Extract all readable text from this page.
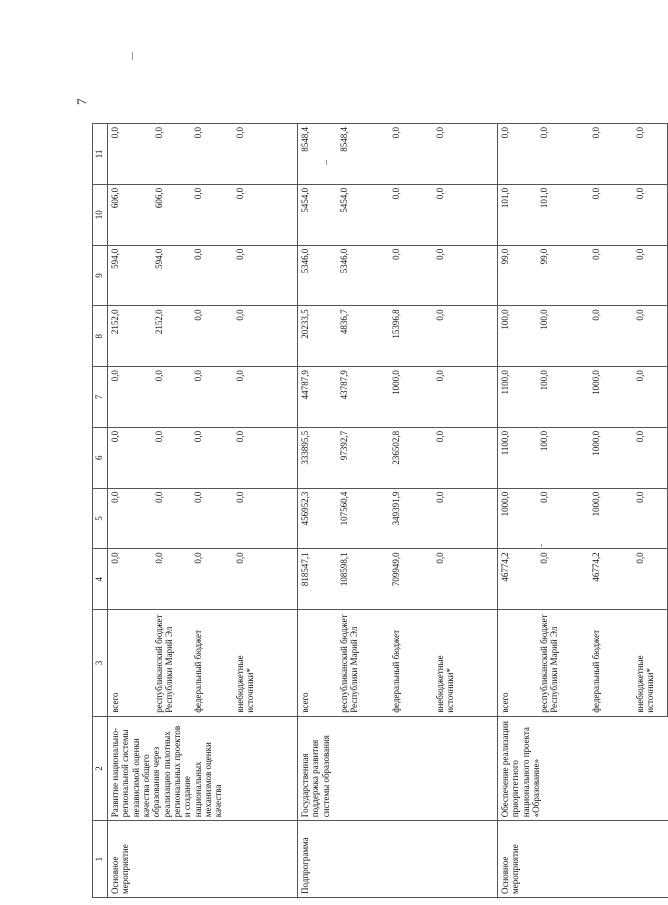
7
1	2	3	4	5	6	7	8	9	10	11
Основное мероприятие	Развитие национально-региональной системы независимой оценки качества общего образования через реализацию пилотных региональных проектов и создание национальных механизмов оценки качества	всего	0,0	0,0	0,0	0,0	2152,0	594,0	606,0	0,0
		республиканский бюджет Республики Марий Эл	0,0	0,0	0,0	0,0	2152,0	594,0	606,0	0,0
		федеральный бюджет	0,0	0,0	0,0	0,0	0,0	0,0	0,0	0,0
		внебюджетные источники*	0,0	0,0	0,0	0,0	0,0	0,0	0,0	0,0
Подпрограмма	Государственная поддержка развития системы образования	всего	818547,1	456952,3	333895,5	44787,9	20233,5	5346,0	5454,0	8548,4
		республиканский бюджет Республики Марий Эл	108598,1	107560,4	97392,7	43787,9	4836,7	5346,0	5454,0	8548,4
		федеральный бюджет	709949,0	349391,9	236502,8	1000,0	15396,8	0,0	0,0	0,0
		внебюджетные источники*	0,0	0,0	0,0	0,0	0,0	0,0	0,0	0,0
Основное мероприятие	Обеспечение реализации приоритетного национального проекта «Образование»	всего	46774,2	1000,0	1100,0	1100,0	100,0	99,0	101,0	0,0
		республиканский бюджет Республики Марий Эл	0,0	0,0	100,0	100,0	100,0	99,0	101,0	0,0
		федеральный бюджет	46774,2	1000,0	1000,0	1000,0	0,0	0,0	0,0	0,0
		внебюджетные источники*	0,0	0,0	0,0	0,0	0,0	0,0	0,0	0,0
